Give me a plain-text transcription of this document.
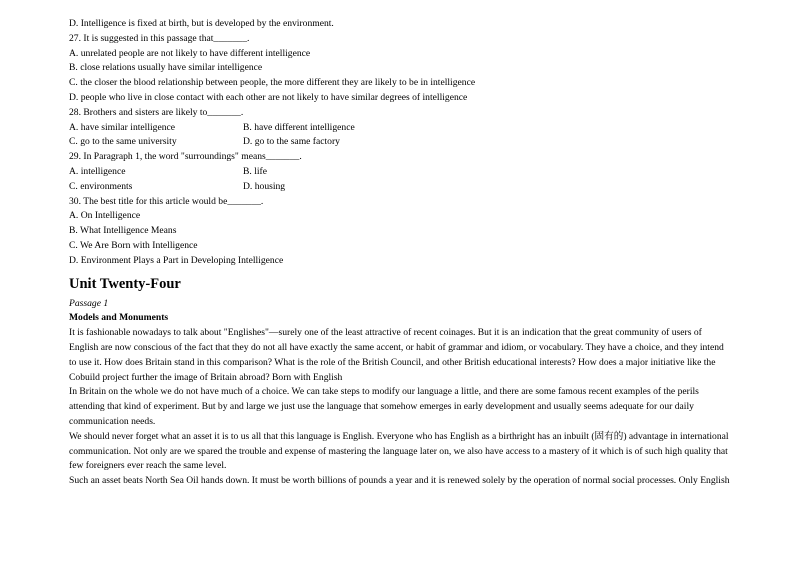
D. Intelligence is fixed at birth, but is developed by the environment.
27. It is suggested in this passage that_______.
A. unrelated people are not likely to have different intelligence
B. close relations usually have similar intelligence
C. the closer the blood relationship between people, the more different they are likely to be in intelligence
D. people who live in close contact with each other are not likely to have similar degrees of intelligence
28. Brothers and sisters are likely to_______.
A. have similar intelligence	B. have different intelligence
C. go to the same university	D. go to the same factory
29. In Paragraph 1, the word "surroundings" means_______.
A. intelligence	B. life
C. environments	D. housing
30. The best title for this article would be_______.
A. On Intelligence
B. What Intelligence Means
C. We Are Born with Intelligence
D. Environment Plays a Part in Developing Intelligence
Unit Twenty-Four
Passage 1
Models and Monuments
It is fashionable nowadays to talk about "Englishes"—surely one of the least attractive of recent coinages. But it is an indication that the great community of users of English are now conscious of the fact that they do not all have exactly the same accent, or habit of grammar and idiom, or vocabulary. They have a choice, and they intend to use it. How does Britain stand in this comparison? What is the role of the British Council, and other British educational interests? How does a major initiative like the Cobuild project further the image of Britain abroad? Born with English
In Britain on the whole we do not have much of a choice. We can take steps to modify our language a little, and there are some famous recent examples of the perils attending that kind of experiment. But by and large we just use the language that somehow emerges in early development and usually seems adequate for our daily communication needs.
We should never forget what an asset it is to us all that this language is English. Everyone who has English as a birthright has an inbuilt (固有的) advantage in international communication. Not only are we spared the trouble and expense of mastering the language later on, we also have access to a mastery of it which is of such high quality that few foreigners ever reach the same level.
Such an asset beats North Sea Oil hands down. It must be worth billions of pounds a year and it is renewed solely by the operation of normal social processes. Only English
